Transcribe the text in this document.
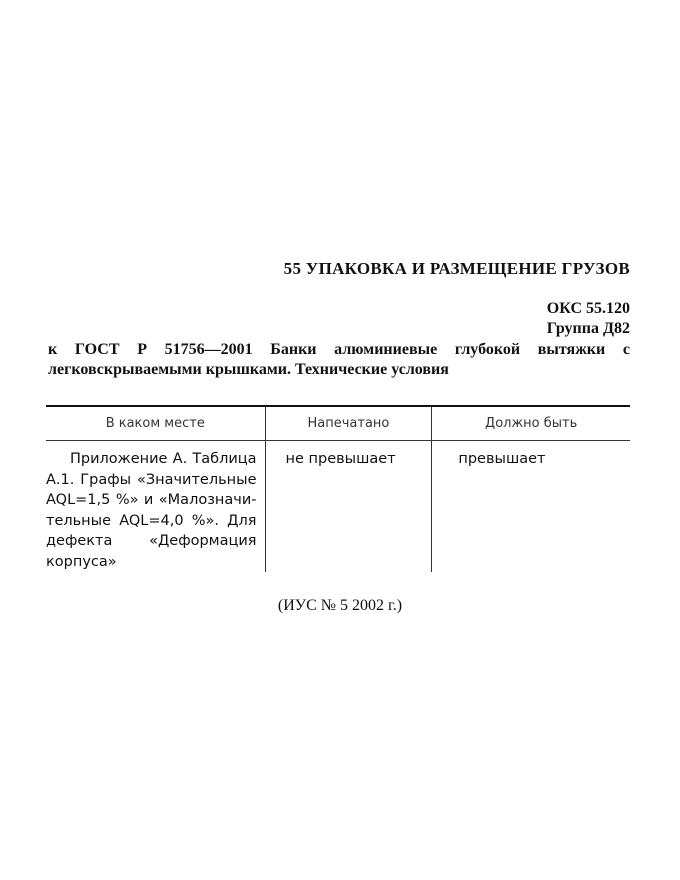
55 УПАКОВКА И РАЗМЕЩЕНИЕ ГРУЗОВ
ОКС 55.120
Группа Д82
к ГОСТ Р 51756—2001 Банки алюминиевые глубокой вытяжки с легковскрываемыми крышками. Технические условия
В каком месте	Напечатано	Должно быть
Приложение А. Таблица А.1. Графы «Значительные AQL=1,5 %» и «Малозначительные AQL=4,0 %». Для дефекта «Деформация корпуса»	не превышает	превышает
(ИУС № 5 2002 г.)
